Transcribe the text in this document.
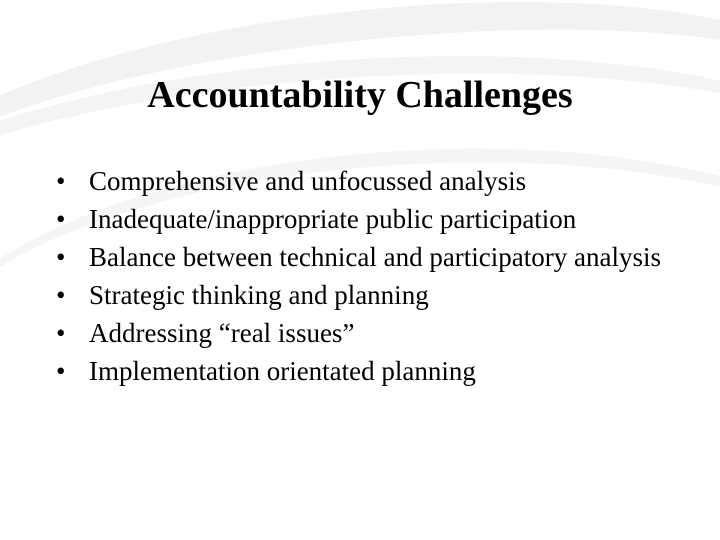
Accountability Challenges
• Comprehensive and unfocussed analysis
• Inadequate/inappropriate public participation
• Balance between technical and participatory analysis
• Strategic thinking and planning
• Addressing “real issues”
• Implementation orientated planning
